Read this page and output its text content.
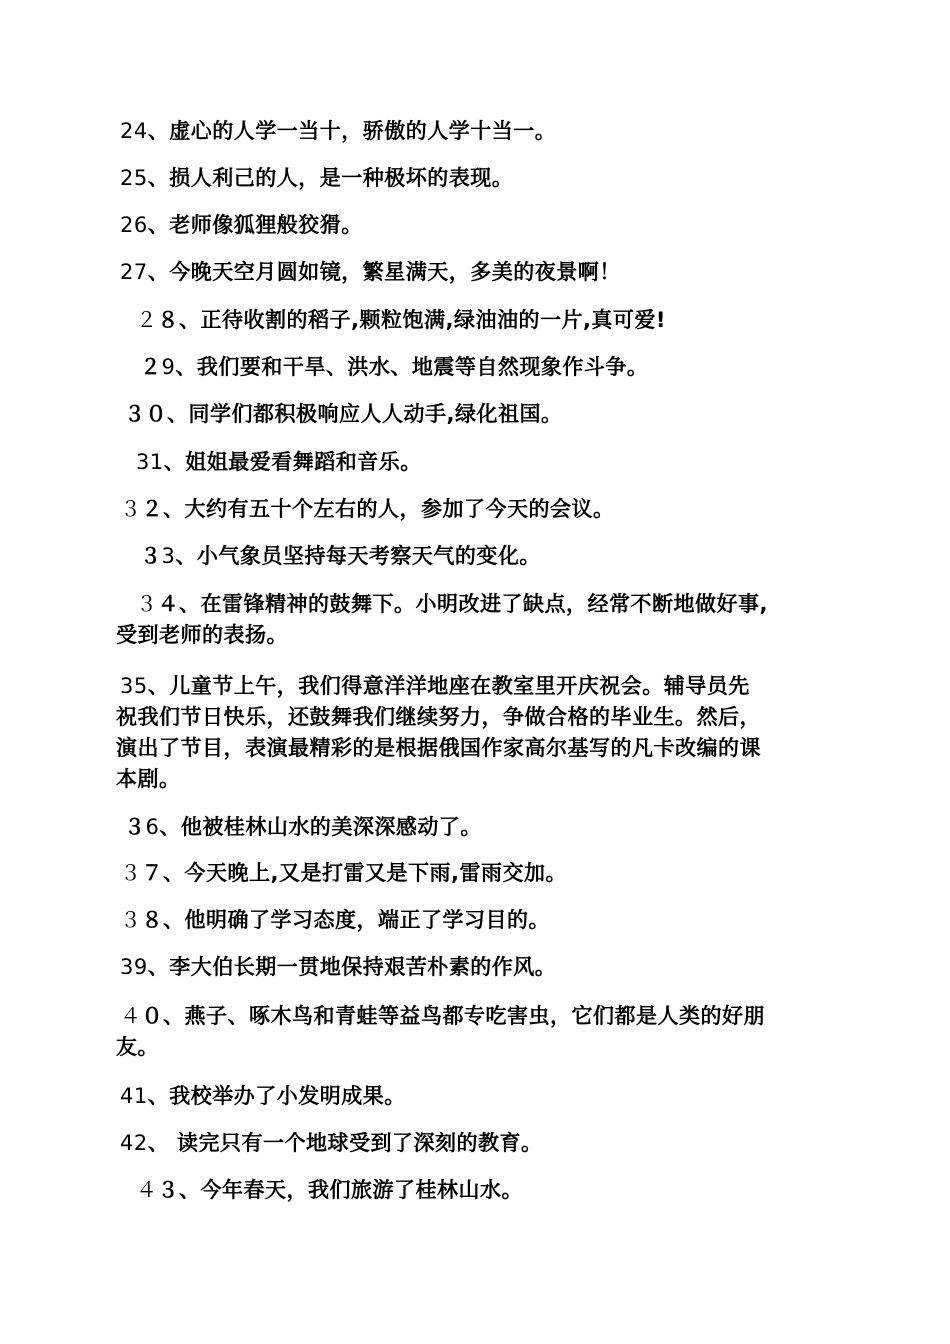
24、虚心的人学一当十，骄傲的人学十当一。
25、损人利己的人，是一种极坏的表现。
26、老师像狐狸般狡猾。
27、今晚天空月圆如镜，繁星满天，多美的夜景啊！
２８、正待收割的稻子,颗粒饱满,绿油油的一片,真可爱!
２9、我们要和干旱、洪水、地震等自然现象作斗争。
３０、同学们都积极响应人人动手,绿化祖国。
31、姐姐最爱看舞蹈和音乐。
３２、大约有五十个左右的人，参加了今天的会议。
３3、小气象员坚持每天考察天气的变化。
３４、在雷锋精神的鼓舞下。小明改进了缺点，经常不断地做好事,
受到老师的表扬。
35、儿童节上午，我们得意洋洋地座在教室里开庆祝会。辅导员先
祝我们节日快乐，还鼓舞我们继续努力，争做合格的毕业生。然后，
演出了节目，表演最精彩的是根据俄国作家高尔基写的凡卡改编的课
本剧。
３6、他被桂林山水的美深深感动了。
３７、今天晚上,又是打雷又是下雨,雷雨交加。
３８、他明确了学习态度，端正了学习目的。
39、李大伯长期一贯地保持艰苦朴素的作风。
４０、燕子、啄木鸟和青蛙等益鸟都专吃害虫，它们都是人类的好朋
友。
41、我校举办了小发明成果。
42、 读完只有一个地球受到了深刻的教育。
４３、今年春天，我们旅游了桂林山水。
